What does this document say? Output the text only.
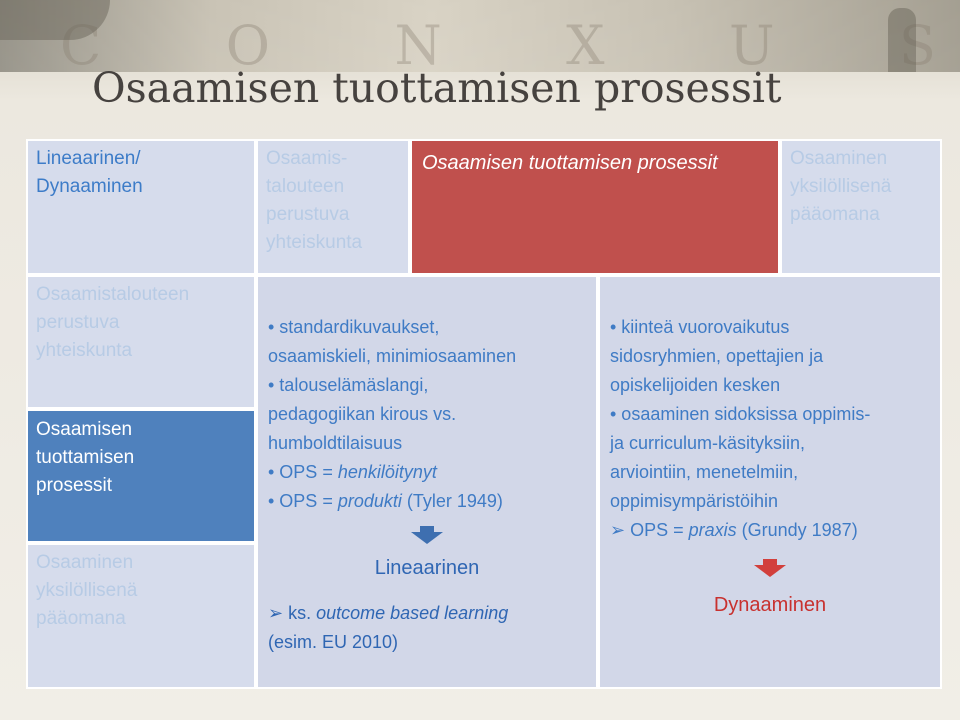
C O N X U S
Osaamisen tuottamisen prosessit
Lineaarinen/
Dynaaminen
Osaamis-
talouteen
perustuva
yhteiskunta
Osaamisen tuottamisen prosessit	Osaaminen
yksilöllisenä
pääomana
Osaamistalouteen
perustuva
yhteiskunta
Osaamisen
tuottamisen
prosessit
Osaaminen
yksilöllisenä
pääomana

• standardikuvaukset,

osaamiskieli, minimiosaaminen

• talouselämäslangi,

pedagogiikan kirous vs.

humboldtilaisuus

• OPS = henkilöitynyt

• OPS = produkti (Tyler 1949)

Lineaarinen

➢ ks. outcome based learning

(esim. EU 2010)

• kiinteä vuorovaikutus

sidosryhmien, opettajien ja

opiskelijoiden kesken

• osaaminen sidoksissa oppimis-

ja curriculum-käsityksiin,

arviointiin, menetelmiin,

oppimisympäristöihin

➢ OPS = praxis (Grundy 1987)

Dynaaminen
